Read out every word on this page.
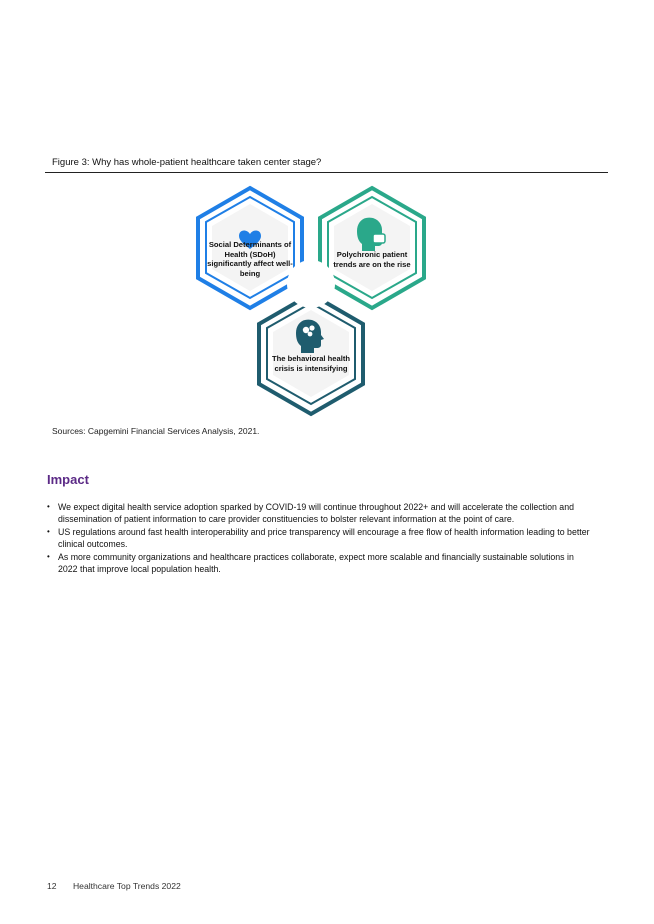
Figure 3: Why has whole-patient healthcare taken center stage?
Social Determinants of Health (SDoH) significantly affect well-being
Polychronic patient trends are on the rise
The behavioral health crisis is intensifying
Sources: Capgemini Financial Services Analysis, 2021.
Impact
• We expect digital health service adoption sparked by COVID-19 will continue throughout 2022+ and will accelerate the collection and dissemination of patient information to care provider constituencies to bolster relevant information at the point of care.
• US regulations around fast health interoperability and price transparency will encourage a free flow of health information leading to better clinical outcomes.
• As more community organizations and healthcare practices collaborate, expect more scalable and financially sustainable solutions in 2022 that improve local population health.
12 Healthcare Top Trends 2022
